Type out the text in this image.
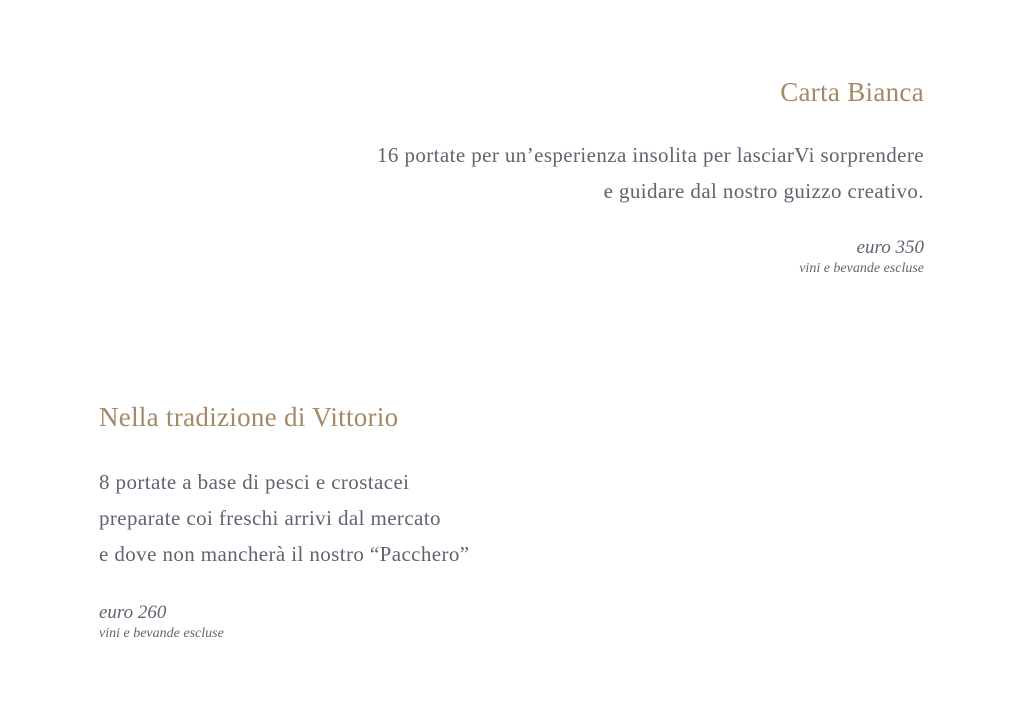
Carta Bianca
16 portate per un’esperienza insolita per lasciarVi sorprendere
e guidare dal nostro guizzo creativo.
euro 350
vini e bevande escluse
Nella tradizione di Vittorio
8 portate a base di pesci e crostacei
preparate coi freschi arrivi dal mercato
e dove non mancherà il nostro “Pacchero”
euro 260
vini e bevande escluse
